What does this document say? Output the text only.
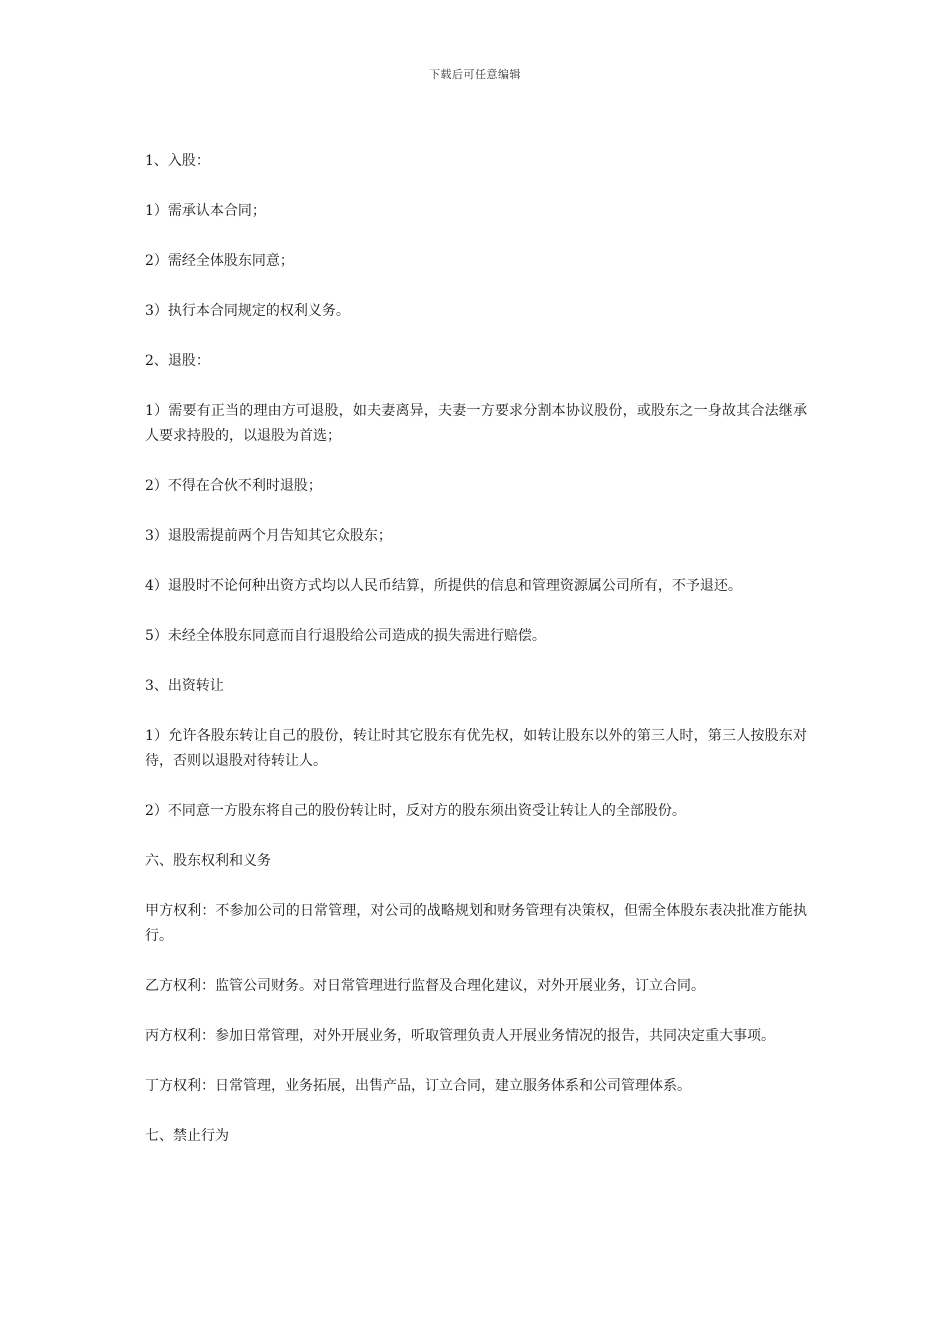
下载后可任意编辑

1、入股：

1）需承认本合同；

2）需经全体股东同意；

3）执行本合同规定的权利义务。

2、退股：

1）需要有正当的理由方可退股，如夫妻离异，夫妻一方要求分割本协议股份，或股东之一身故其合法继承人要求持股的，以退股为首选；

2）不得在合伙不利时退股；

3）退股需提前两个月告知其它众股东；

4）退股时不论何种出资方式均以人民币结算，所提供的信息和管理资源属公司所有，不予退还。

5）未经全体股东同意而自行退股给公司造成的损失需进行赔偿。

3、出资转让

1）允许各股东转让自己的股份，转让时其它股东有优先权，如转让股东以外的第三人时，第三人按股东对待，否则以退股对待转让人。

2）不同意一方股东将自己的股份转让时，反对方的股东须出资受让转让人的全部股份。

六、股东权利和义务

甲方权利：不参加公司的日常管理，对公司的战略规划和财务管理有决策权，但需全体股东表决批准方能执行。

乙方权利：监管公司财务。对日常管理进行监督及合理化建议，对外开展业务，订立合同。

丙方权利：参加日常管理，对外开展业务，听取管理负责人开展业务情况的报告，共同决定重大事项。

丁方权利：日常管理，业务拓展，出售产品，订立合同，建立服务体系和公司管理体系。

七、禁止行为
